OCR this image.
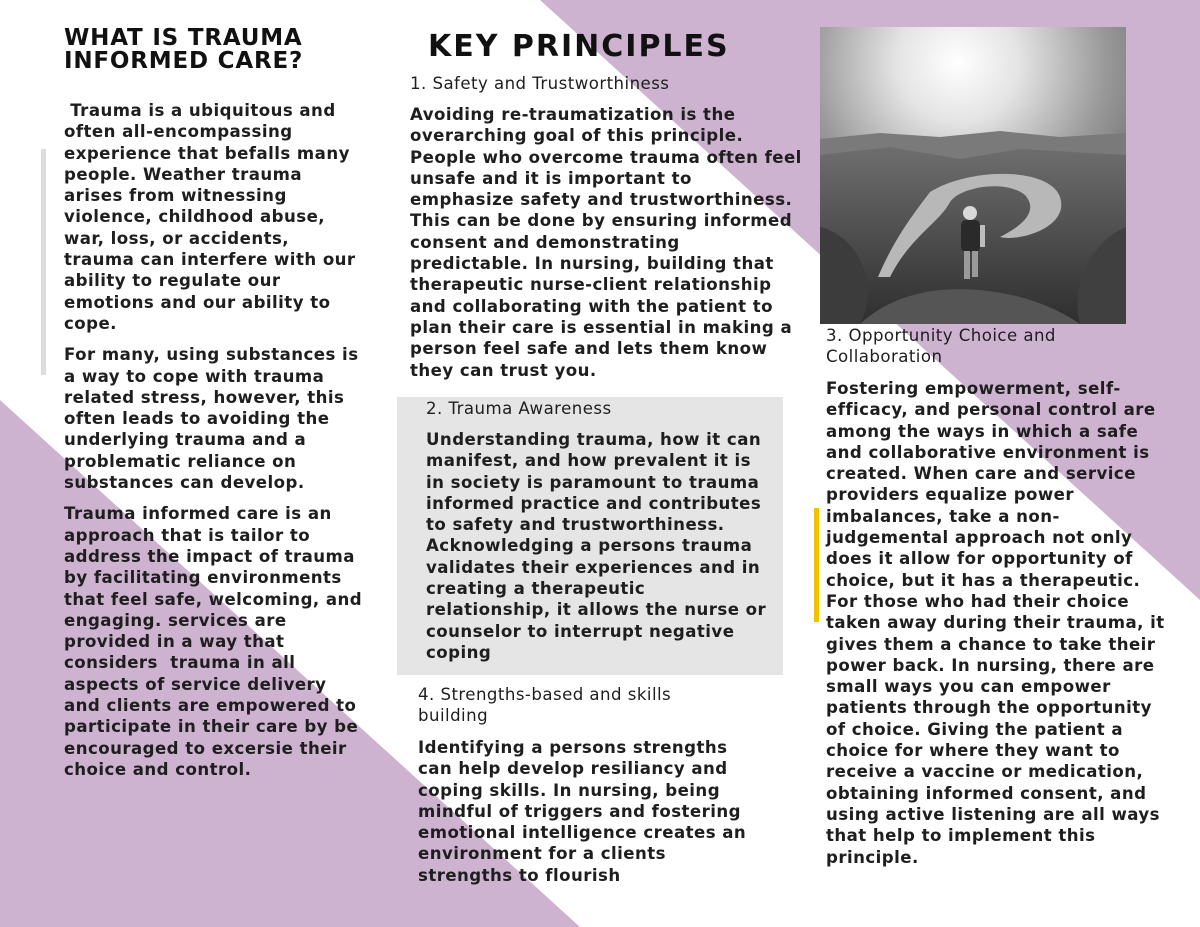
WHAT IS TRAUMA
INFORMED CARE?

Trauma is a ubiquitous and often all-encompassing experience that befalls many people. Weather trauma arises from witnessing violence, childhood abuse, war, loss, or accidents, trauma can interfere with our ability to regulate our emotions and our ability to cope.

For many, using substances is a way to cope with trauma related stress, however, this often leads to avoiding the underlying trauma and a problematic reliance on substances can develop.

Trauma informed care is an approach that is tailor to address the impact of trauma by facilitating environments that feel safe, welcoming, and engaging. services are provided in a way that considers  trauma in all aspects of service delivery and clients are empowered to participate in their care by be encouraged to excersie their choice and control.

KEY PRINCIPLES

1. Safety and Trustworthiness

Avoiding re-traumatization is the overarching goal of this principle. People who overcome trauma often feel unsafe and it is important to emphasize safety and trustworthiness. This can be done by ensuring informed consent and demonstrating predictable. In nursing, building that therapeutic nurse-client relationship and collaborating with the patient to plan their care is essential in making a person feel safe and lets them know they can trust you.

2. Trauma Awareness

Understanding trauma, how it can manifest, and how prevalent it is in society is paramount to trauma informed practice and contributes to safety and trustworthiness. Acknowledging a persons trauma validates their experiences and in creating a therapeutic relationship, it allows the nurse or counselor to interrupt negative coping

4. Strengths-based and skills building

Identifying a persons strengths can help develop resiliancy and coping skills. In nursing, being mindful of triggers and fostering emotional intelligence creates an environment for a clients strengths to flourish

3. Opportunity Choice and Collaboration

Fostering empowerment, self-efficacy, and personal control are among the ways in which a safe and collaborative environment is created. When care and service providers equalize power imbalances, take a non-judgemental approach not only does it allow for opportunity of choice, but it has a therapeutic. For those who had their choice taken away during their trauma, it gives them a chance to take their power back. In nursing, there are small ways you can empower patients through the opportunity of choice. Giving the patient a choice for where they want to receive a vaccine or medication, obtaining informed consent, and using active listening are all ways that help to implement this principle.
